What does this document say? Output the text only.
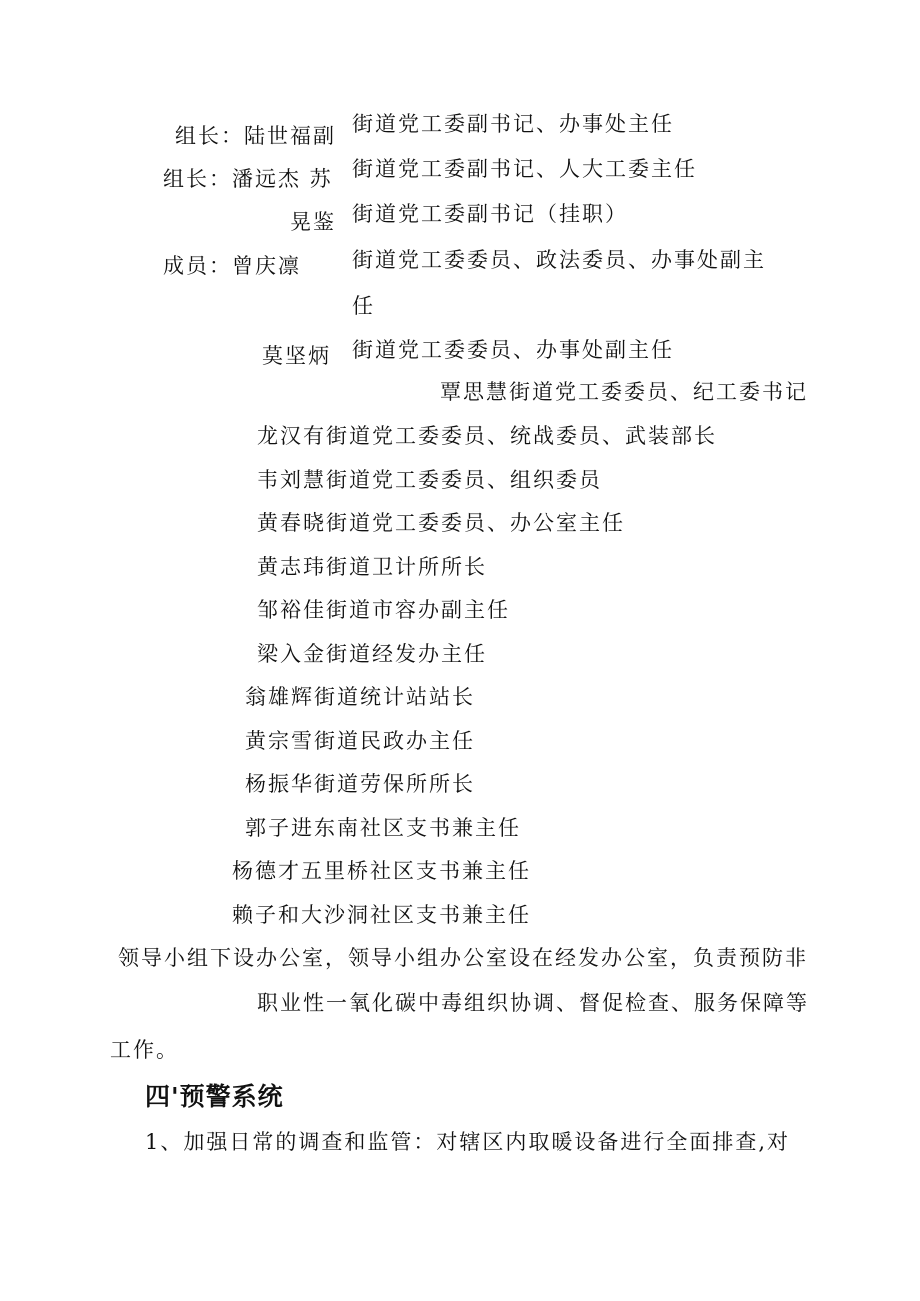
组长：陆世福副 街道党工委副书记、办事处主任
组长：潘远杰 苏 街道党工委副书记、人大工委主任
晃鉴 街道党工委副书记（挂职）
成员：曾庆凛 街道党工委委员、政法委员、办事处副主
任
莫坚炳 街道党工委委员、办事处副主任
覃思慧街道党工委委员、纪工委书记
龙汉有街道党工委委员、统战委员、武装部长
韦刘慧街道党工委委员、组织委员
黄春晓街道党工委委员、办公室主任
黄志玮街道卫计所所长
邹裕佳街道市容办副主任
梁入金街道经发办主任
翁雄辉街道统计站站长
黄宗雪街道民政办主任
杨振华街道劳保所所长
郭子进东南社区支书兼主任
杨德才五里桥社区支书兼主任
赖子和大沙洞社区支书兼主任
领导小组下设办公室，领导小组办公室设在经发办公室，负责预防非
职业性一氧化碳中毒组织协调、督促检查、服务保障等
工作。
四'预警系统
1、加强日常的调查和监管：对辖区内取暖设备进行全面排查,对
